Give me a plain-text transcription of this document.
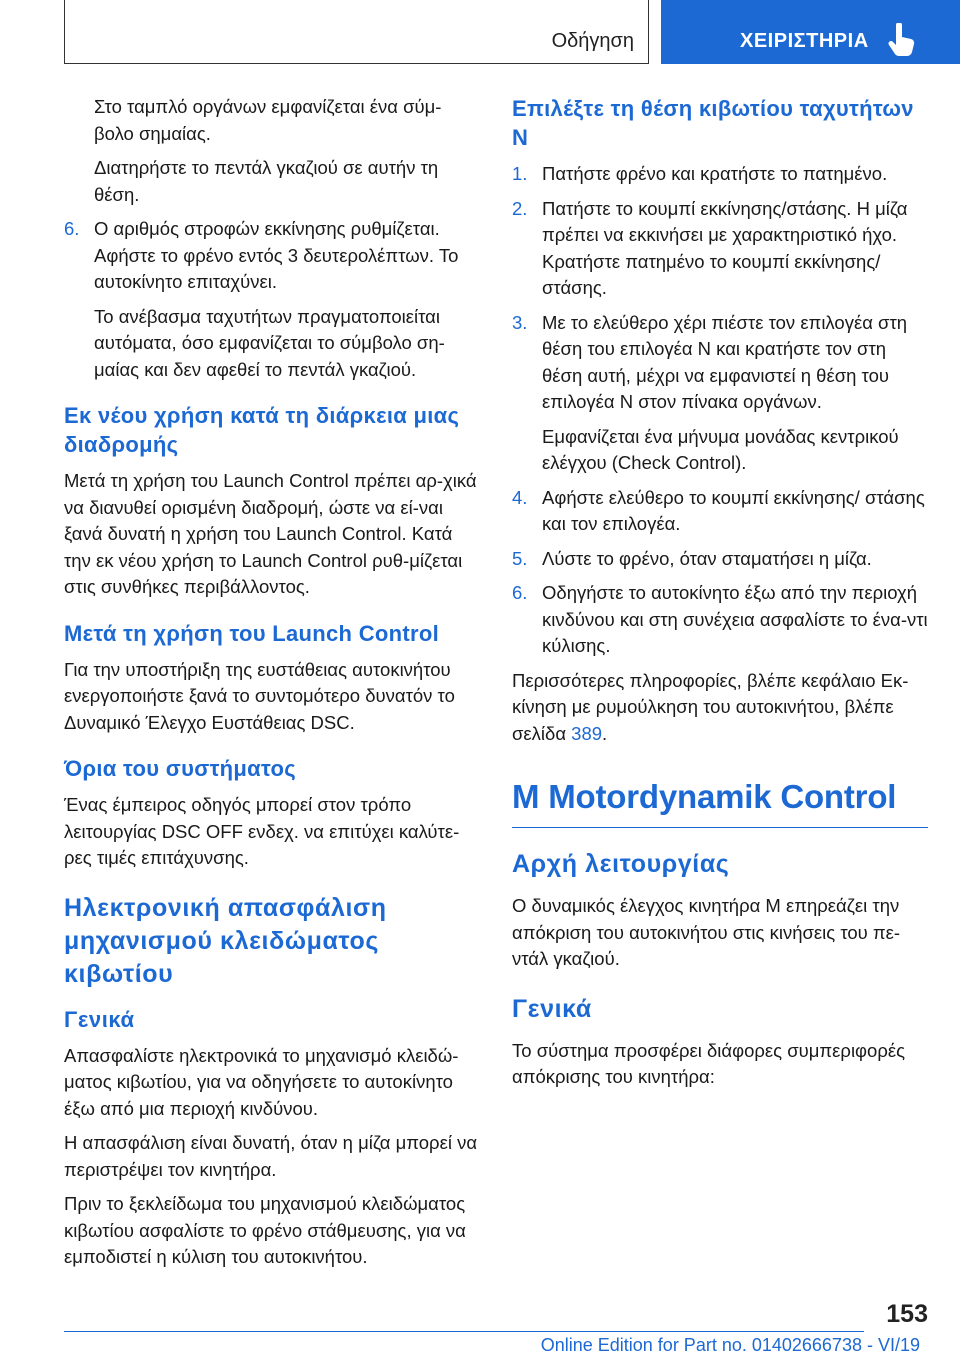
Οδήγηση	ΧΕΙΡΙΣΤΗΡΙΑ

Στο ταμπλό οργάνων εμφανίζεται ένα σύμ-βολο σημαίας.

Διατηρήστε το πεντάλ γκαζιού σε αυτήν τη θέση.

6. Ο αριθμός στροφών εκκίνησης ρυθμίζεται. Αφήστε το φρένο εντός 3 δευτερολέπτων. Το αυτοκίνητο επιταχύνει.
Το ανέβασμα ταχυτήτων πραγματοποιείται αυτόματα, όσο εμφανίζεται το σύμβολο ση-μαίας και δεν αφεθεί το πεντάλ γκαζιού.
Εκ νέου χρήση κατά τη διάρκεια μιας διαδρομής

Μετά τη χρήση του Launch Control πρέπει αρ-χικά να διανυθεί ορισμένη διαδρομή, ώστε να εί-ναι ξανά δυνατή η χρήση του Launch Control. Κατά την εκ νέου χρήση το Launch Control ρυθ-μίζεται στις συνθήκες περιβάλλοντος.

Μετά τη χρήση του Launch Control

Για την υποστήριξη της ευστάθειας αυτοκινήτου ενεργοποιήστε ξανά το συντομότερο δυνατόν το Δυναμικό Έλεγχο Ευστάθειας DSC.

Όρια του συστήματος

Ένας έμπειρος οδηγός μπορεί στον τρόπο λειτουργίας DSC OFF ενδεχ. να επιτύχει καλύτε-ρες τιμές επιτάχυνσης.

Ηλεκτρονική απασφάλιση μηχανισμού κλειδώματος κιβωτίου
Γενικά

Απασφαλίστε ηλεκτρονικά το μηχανισμό κλειδώ-ματος κιβωτίου, για να οδηγήσετε το αυτοκίνητο έξω από μια περιοχή κινδύνου.

Η απασφάλιση είναι δυνατή, όταν η μίζα μπορεί να περιστρέψει τον κινητήρα.

Πριν το ξεκλείδωμα του μηχανισμού κλειδώματος κιβωτίου ασφαλίστε το φρένο στάθμευσης, για να εμποδιστεί η κύλιση του αυτοκινήτου.

Επιλέξτε τη θέση κιβωτίου ταχυτήτων N
1. Πατήστε φρένο και κρατήστε το πατημένο.
2. Πατήστε το κουμπί εκκίνησης/στάσης. Η μίζα πρέπει να εκκινήσει με χαρακτηριστικό ήχο. Κρατήστε πατημένο το κουμπί εκκίνησης/ στάσης.
3. Με το ελεύθερο χέρι πιέστε τον επιλογέα στη θέση του επιλογέα N και κρατήστε τον στη θέση αυτή, μέχρι να εμφανιστεί η θέση του επιλογέα N στον πίνακα οργάνων.
Εμφανίζεται ένα μήνυμα μονάδας κεντρικού ελέγχου (Check Control).
4. Αφήστε ελεύθερο το κουμπί εκκίνησης/ στάσης και τον επιλογέα.
5. Λύστε το φρένο, όταν σταματήσει η μίζα.
6. Οδηγήστε το αυτοκίνητο έξω από την περιοχή κινδύνου και στη συνέχεια ασφαλίστε το ένα-ντι κύλισης.

Περισσότερες πληροφορίες, βλέπε κεφάλαιο Εκ-κίνηση με ρυμούλκηση του αυτοκινήτου, βλέπε σελίδα 389.

M Motordynamik Control
Αρχή λειτουργίας

Ο δυναμικός έλεγχος κινητήρα M επηρεάζει την απόκριση του αυτοκινήτου στις κινήσεις του πε-ντάλ γκαζιού.

Γενικά

Το σύστημα προσφέρει διάφορες συμπεριφορές απόκρισης του κινητήρα:

153
Online Edition for Part no. 01402666738 - VI/19
